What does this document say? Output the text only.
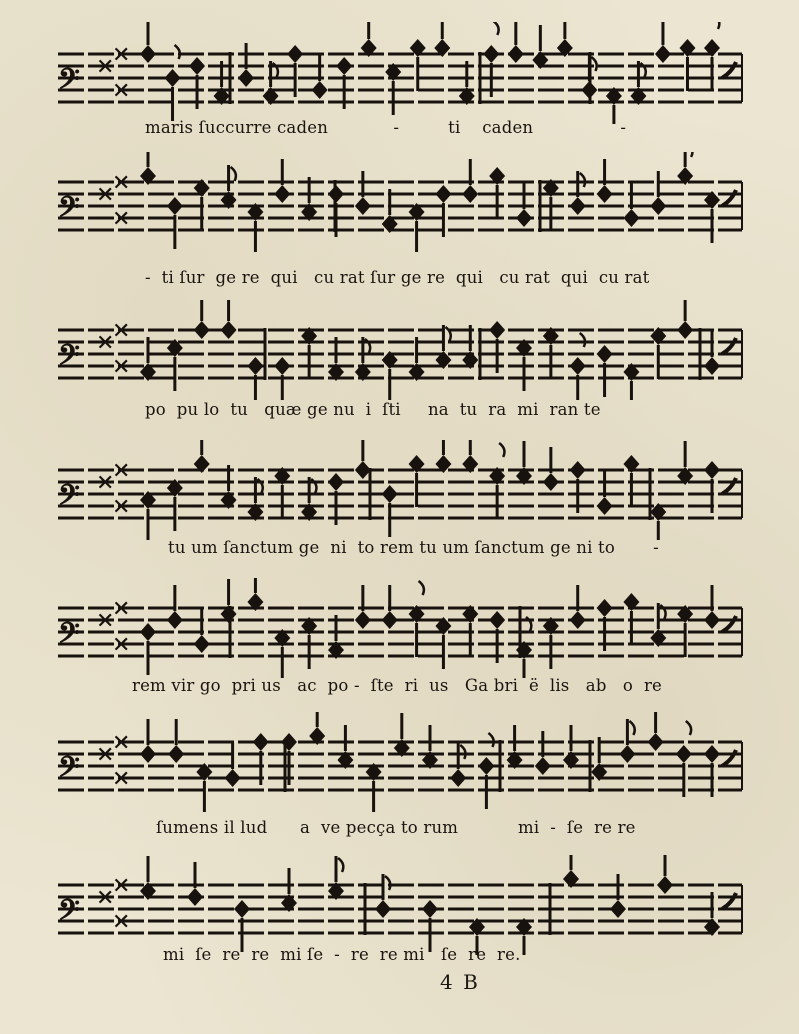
𝄢 ✕
✕
✕
maris ſuccurre caden            -         ti    caden                -
𝄢 ✕
✕
✕
-  ti ſur  ge re  qui   cu rat ſur ge re  qui   cu rat  qui  cu rat
𝄢 ✕
✕
✕
po  pu lo  tu   quæ ge nu  i  ſti     na  tu  ra  mi  ran te
𝄢 ✕
✕
✕
tu um ſanctum ge  ni  to rem tu um ſanctum ge ni to       -
𝄢 ✕
✕
✕
rem vir go  pri us   ac  po -  ſte  ri  us   Ga bri  ë  lis   ab   o  re
𝄢 ✕
✕
✕
ſumens il lud      a  ve pecça to rum           mi  -  ſe  re re
𝄢 ✕
✕
✕
mi  ſe  re  re  mi ſe  -  re  re mi   ſe  re  re.
4 B
